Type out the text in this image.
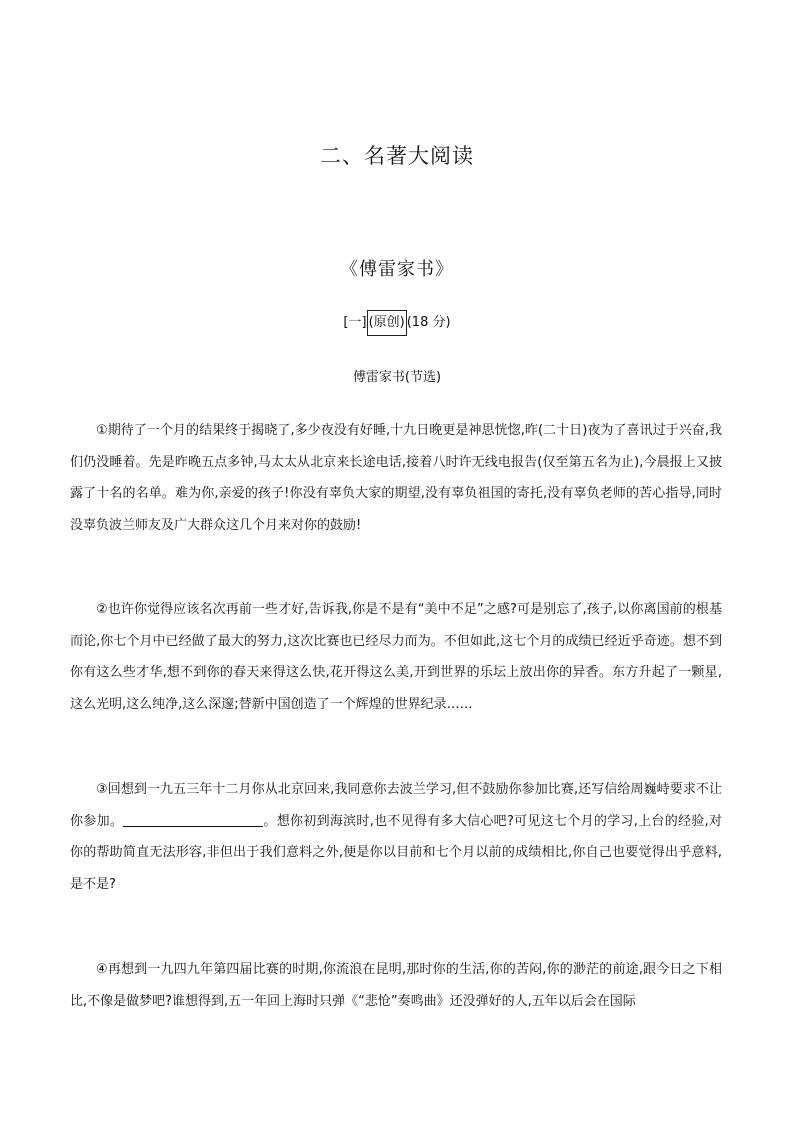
二、名著大阅读
《傅雷家书》
[一] (原创) (18 分)
傅雷家书(节选)

①期待了一个月的结果终于揭晓了,多少夜没有好睡,十九日晚更是神思恍惚,昨(二十日)夜为了喜讯过于兴奋,我们仍没睡着。先是昨晚五点多钟,马太太从北京来长途电话,接着八时许无线电报告(仅至第五名为止),今晨报上又披露了十名的名单。难为你,亲爱的孩子!你没有辜负大家的期望,没有辜负祖国的寄托,没有辜负老师的苦心指导,同时没辜负波兰师友及广大群众这几个月来对你的鼓励!

②也许你觉得应该名次再前一些才好,告诉我,你是不是有“美中不足”之感?可是别忘了,孩子,以你离国前的根基而论,你七个月中已经做了最大的努力,这次比赛也已经尽力而为。不但如此,这七个月的成绩已经近乎奇迹。想不到你有这么些才华,想不到你的春天来得这么快,花开得这么美,开到世界的乐坛上放出你的异香。东方升起了一颗星,这么光明,这么纯净,这么深邃;替新中国创造了一个辉煌的世界纪录……

③回想到一九五三年十二月你从北京回来,我同意你去波兰学习,但不鼓励你参加比赛,还写信给周巍峙要求不让你参加。	。想你初到海滨时,也不见得有多大信心吧?可见这七个月的学习,上台的经验,对你的帮助简直无法形容,非但出于我们意料之外,便是你以目前和七个月以前的成绩相比,你自己也要觉得出乎意料,是不是?

④再想到一九四九年第四届比赛的时期,你流浪在昆明,那时你的生活,你的苦闷,你的渺茫的前途,跟今日之下相比,不像是做梦吧?谁想得到,五一年回上海时只弹《“悲怆”奏鸣曲》还没弹好的人,五年以后会在国际
